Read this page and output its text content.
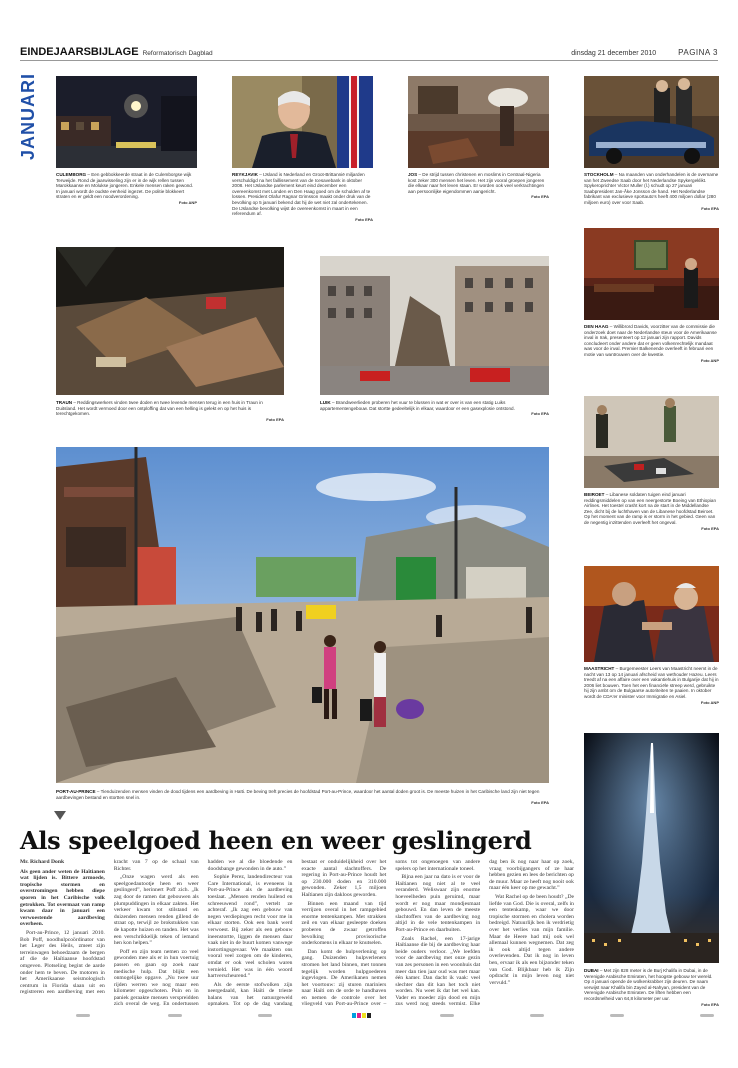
EINDEJAARSBIJLAGE Reformatorisch Dagblad	dinsdag 21 december 2010	PAGINA 3
JANUARI
CULEMBORG – Een gebbokkeerde straat in de Culemborgse wijk Terweijde. Rond de jaarwisseling zijn er in de wijk rellen tussen Marokkaanse en Molukse jongeren. Enkele mensen raken gewond. In januari wordt de oudste eenheid ingezet. De politie blokkeert straten en er geldt een noodverordening.
Foto ANP
REYKJAVIK – IJsland is Nederland en Groot-Brittannië miljarden verschuldigd na het faillissement van de Icesavebank in oktober 2008. Het IJslandse parlement keurt eind december een overeenkomst met Londen en Den Haag goed om de schulden af te lossen. President Olafur Ragnar Grimsson maakt onder druk van de bevolking op 5 januari bekend dat hij de wet niet zal ondertekenen. De IJslandse bevolking wijst de overeenkomst in maart in een referendum af.
Foto EPA
JOS – De strijd tussen christenen en moslims in Centraal-Nigeria kost zeker 300 mensen het leven. Het zijn vooral groepen jongeren die elkaar naar het leven staan. Er worden ook veel verkrachtingen aan persoonlijke eigendommen aangericht.
Foto EPA
STOCKHOLM – Na maanden van onderhandelen is de overname van het Zweedse Saab door het Nederlandse Spykergeklikt. Spykeroprichter Victor Muller (l.) schudt op 27 januari Saabpresident Jan-Åke Jonsson de hand. Het Nederlandse fabrikant van exclusieve sportauto's heeft 400 miljoen dollar (280 miljoen euro) over voor Saab.
Foto EPA
TRAUN – Reddingswerkers vinden twee doden en twee levende mensen terug in een huis in Traun in Duitsland. Het wordt vermoed door een ontploffing dat van een helling is gelekt en op het huis is terechtgekomen.
Foto EPA
LUIK – Brandweerlieden proberen het vuur te blussen in wat er over is van een statig Luiks appartementengebouw. Dat stortte gedeeltelijk in elkaar, waardoor er een gasexplosie ontstond.
Foto EPA
DEN HAAG – Willibrord Davids, voorzitter van de commissie die onderzoek doet naar de Nederlandse steun voor de Amerikaanse inval in Irak, presenteert op 12 januari zijn rapport. Davids concludeert onder andere dat er geen volkenrechtelijk mandaat was voor de inval. Premier Balkenende overleeft in februari een motie van wantrouwen over de kwestie.
Foto ANP
BEIROET – Libanese soldaten tuigen eind januari reddingsmiddelen op van een neergestorte Boeing van Ethiopian Airlines. Het toestel crasht kort na de start in de Middellandse Zee, dicht bij de luchthaven van de Libanese hoofdstad Beiroet. Op het moment van de ramp is er storm in het gebied. Geen van de negentig inzittenden overleeft het ongeval.
Foto EPA
PORT-AU-PRINCE – Tienduizenden mensen vinden de dood tijdens een aardbeving in Haïti. De beving treft precies de hoofdstad Port-au-Prince, waardoor het aantal doden groot is. De meeste huizen in het Caribische land zijn niet tegen aardbevingen bestand en stortten snel in.
Foto EPA
MAASTRICHT – Burgemeester Leers van Maastricht neemt in de nacht van 13 op 14 januari afscheid van wethouder Hazeu. Leers treedt af na een affaire over een vakantiehuis in Bulgarije dat hij in 2006 liet bouwen. Toen het een financiële streep werd, gebruikte hij zijn ambt om de Bulgaarse autoriteiten te paaien. In oktober wordt de CDA'er minister voor Immigratie en Asiel.
Foto ANP
DUBAI – Met zijn 828 meter is de Burj Khalifa in Dubai, in de Verenigde Arabische Emiraten, het hoogste gebouw ter wereld. Op 4 januari opende de wolkenkrabber zijn deuren. De naam verwijst naar Khalifa bin Zayed al-Nahyan, president van de Verenigde Arabische Emiraten. De liften hebben een recordsnelheid van 64,8 kilometer per uur.
Foto EPA
Als speelgoed heen en weer geslingerd

Mr. Richard Donk

Als geen ander weten de Haïtianen wat lijden is. Bittere armoede, tropische stormen en overstromingen hebben diepe sporen in het Caribische volk getrokken. Tot overmaat van ramp kwam daar in januari een verwoestende aardbeving overheen.

Port-au-Prince, 12 januari 2010. Bob Poff, noodhulpcoördinator van het Leger des Heils, zmeet zijn terreinwagen behoedzaam de bergen af die de Haïtiaanse hoofdstad omgeven. Plotseling begint de aarde onder hem te beven. De motoren in het Amerikaanse seismologisch centrum in Florida slaan uit en registreren een aardbeving met een kracht van 7 op de schaal van Richter.

„Onze wagen werd als een speelgoedautootje heen en weer geslingerd”, herinnert Poff zich. „Ik zag door de ramen dat gebouwen als plumpuddingen in elkaar zakten. Het verkeer kwam tot stilstand en duizenden mensen renden gillend de straat op, terwijl ze brokstukken van de kapotte huizen en tanden. Het was een verschrikkelijk teken of iemand hen kon helpen.”

Poff en zijn team nemen zo veel gewonden mee als er in hun voertuig passen en gaan op zoek naar medische hulp. Dat blijkt een onmogelijke opgave. „Nu twee uur rijden werren we nog maar een kilometer opgeschoten. Puin en in paniek geraakte mensen verspreidden zich overal de weg. En ondertussen hadden we al die bloedende en doodsbange gewonden in de auto.”

Sophie Perez, landendirecteur van Care International, is eveneens in Port-au-Prince als de aardbeving toeslaat. „Mensen renden huilend en schreeuwend rond”, vertelt ze achteraf. „Ik zag een gebouw van negen verdiepingen recht voor me in elkaar storten. Ook een bank werd verwoest. Bij zeker als een gebouw ineenstortte, liggen de mensen daar vaak niet in de buurt komen vanwege instortingsgevaar. We maakten ons vooral veel zorgen om de kinderen, omdat er ook veel scholen waren vernield. Het was in één woord hartverscheurend.”

Als de eerste stofwolken zijn neergedaald, kan Haïti de trieste balans van het natuurgeweld opmaken. Tot op de dag vandaag bestaat er onduidelijkheid over het exacte aantal slachtoffers. De regering in Port-au-Prince houdt het op 230.000 doden en 310.000 gewonden. Zeker 1,5 miljoen Haïtianen zijn dakloos geworden.

Binnen een maand van tijd verrijzen overal in het rampgebied enorme tentenkampen. Met strakken zeil en van elkaar gesleepte doeken proberen de zwaar getroffen bevolking provisorische onderkomens in elkaar te knutselen.

Dan komt de hulpverlening op gang. Duizenden hulpverleners stromen het land binnen, met tonnen tegelijk worden hulpgoederen ingevlogen. De Amerikanen nemen het voortouw: zij sturen mariniers naar Haïti om de orde te handhaven en nemen de controle over het vliegveld van Port-au-Prince over – soms tot ongenoegen van andere spelers op het internationale toneel.

Bijna een jaar na dato is er voor de Haïtianen nog niet al te veel veranderd. Weliswaar zijn enorme hoeveelheden puin geruimd, maar wordt er nog maar mondjesmaat gebouwd. En dan leven de meeste slachtoffers van de aardbeving nog altijd in de vele tentenkampen in Port-au-Prince en daarbuiten.

Zoals Rachel, een 17-jarige Haïtiaanse die bij de aardbeving haar beide ouders verloor. „We leefden voor de aardbeving met onze gezin van zes personen in een woonhuis dat meer dan tien jaar oud was met maar één kamer. Dan dacht ik vaak: veel slechter dan dit kan het toch niet worden. Nu weet ik dat het wel kan. Vader en moeder zijn dood en mijn zus werd nog steeds vermist. Elke dag ben ik nog naar haar op zoek, vraag voorbijgangers of ze haar hebben gezien en lees de berichten op de muur. Maar ze heeft nog nooit ook maar één keer op me gewacht.”

Wat Rachel op de been houdt? „De liefde van God. Die is overal, zelfs in een tentenkamp, waar we door tropische stormen en cholera worden bedreigd. Natuurlijk ben ik verdrietig over het verlies van mijn familie. Maar de Heere had mij ook wel allemaal kunnen wegnemen. Dat zeg ik ook altijd tegen andere overlevenden. Dat ik nog in leven ben, ervaar ik als een bijzonder teken van God. Blijkbaar heb ik Zijn opdracht in mijn leven nog niet vervuld.”
